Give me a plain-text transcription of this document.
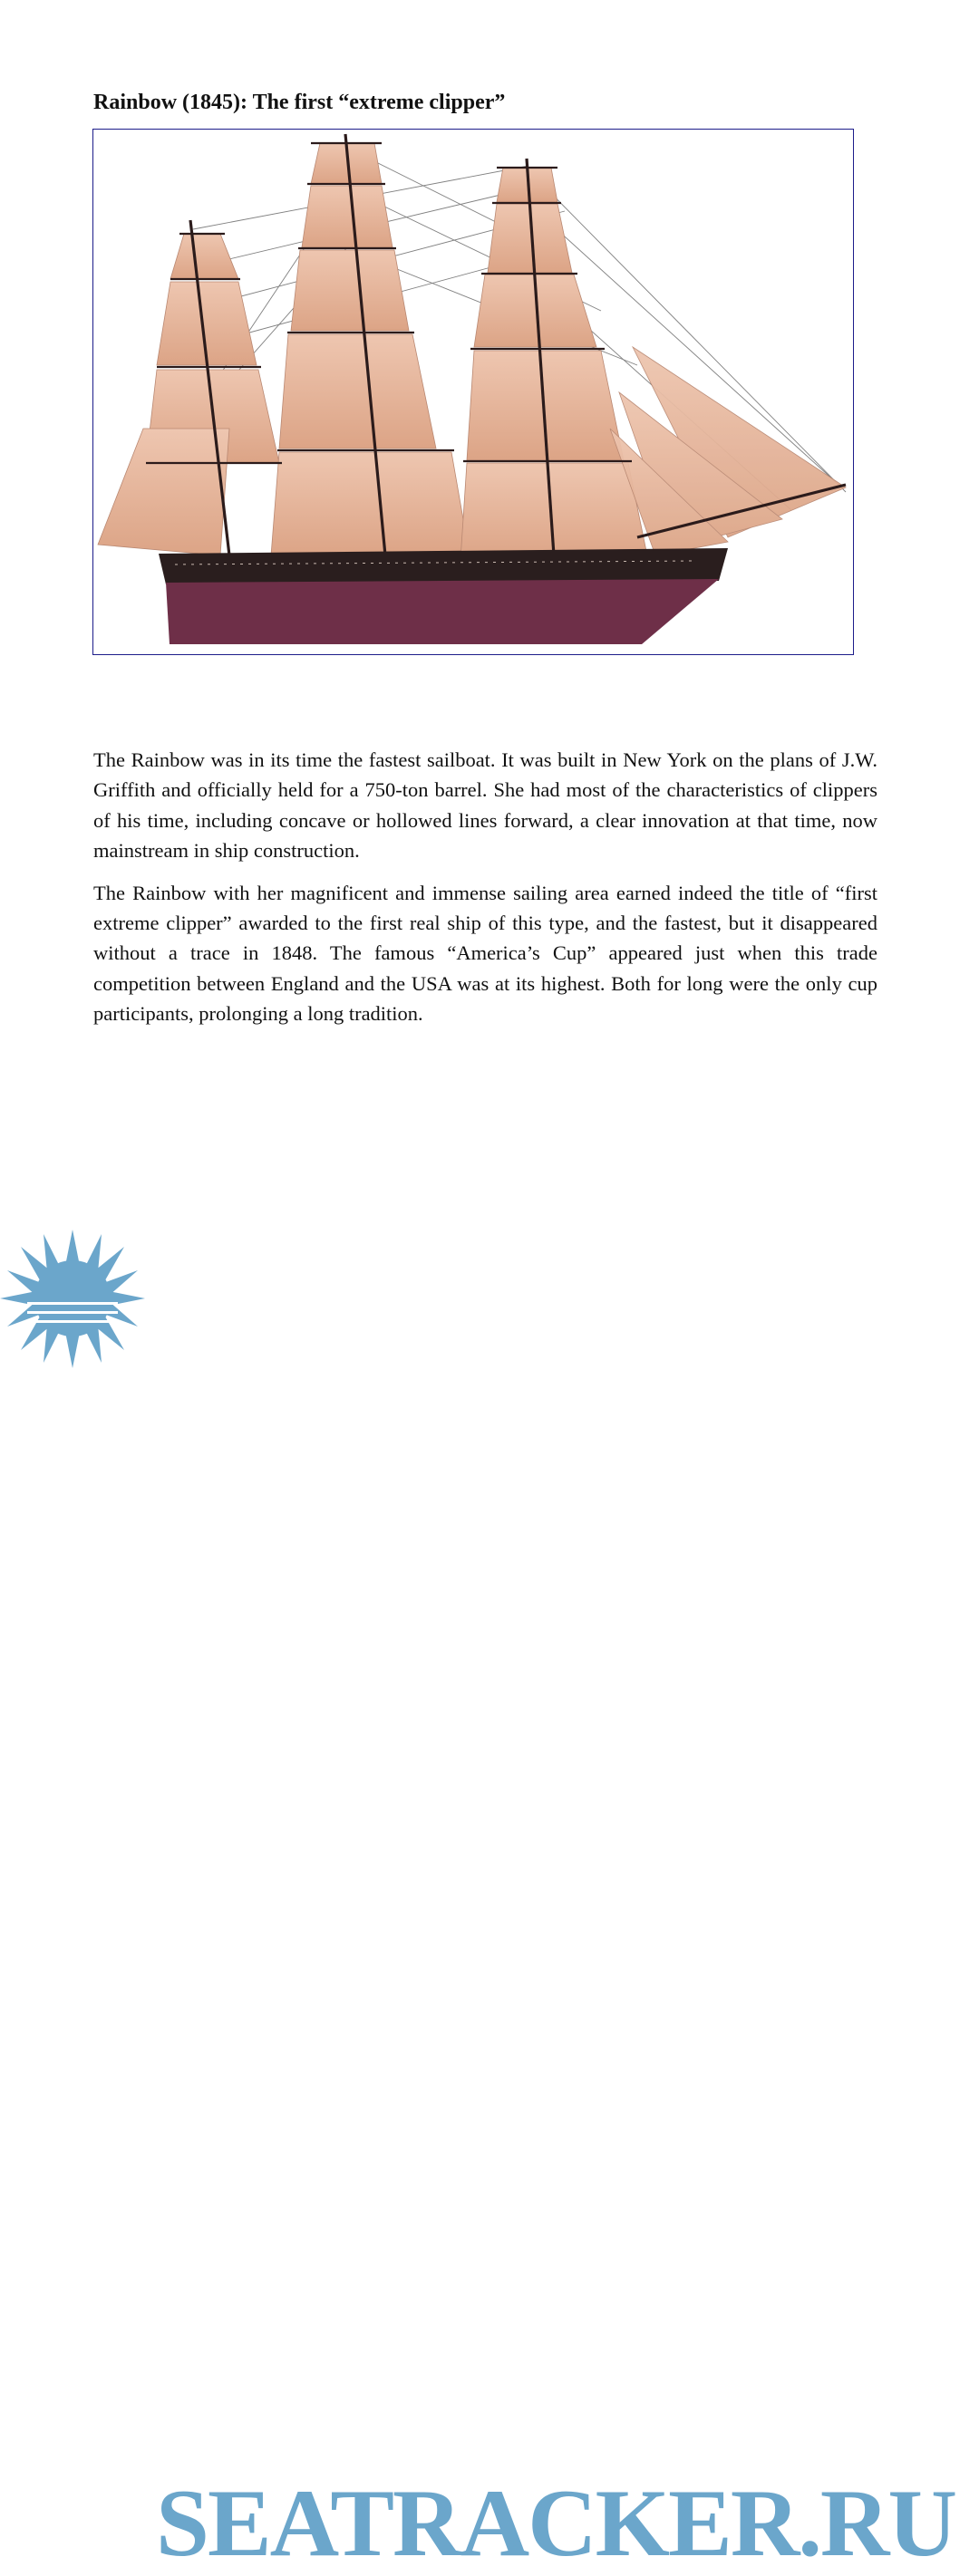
Rainbow (1845): The first “extreme clipper”

The Rainbow was in its time the fastest sailboat. It was built in New York on the plans of J.W. Griffith and officially held for a 750-ton barrel. She had most of the characteristics of clippers of his time, including concave or hollowed lines forward, a clear innovation at that time, now mainstream in ship construction.

The Rainbow with her magnificent and immense sailing area earned indeed the title of “first extreme clipper” awarded to the first real ship of this type, and the fastest, but it disappeared without a trace in 1848. The famous “America’s Cup” appeared just when this trade competition between England and the USA was at its highest. Both for long were the only cup participants, prolonging a long tradition.

SEATRACKER.RU
